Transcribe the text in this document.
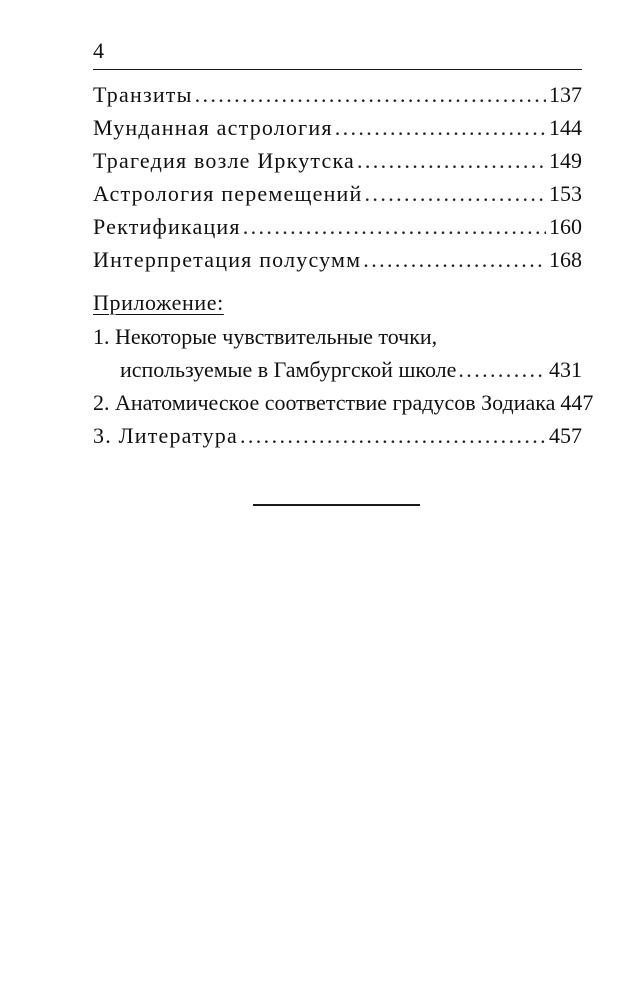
4
Транзиты .....	137
Мунданная астрология .....	144
Трагедия возле Иркутска .....	149
Астрология перемещений .....	153
Ректификация .....	160
Интерпретация полусумм .....	168
Приложение:
1. Некоторые чувствительные точки,
используемые в Гамбургской школе .....	431
2. Анатомическое соответствие градусов Зодиака 447
3. Литература .....	457
